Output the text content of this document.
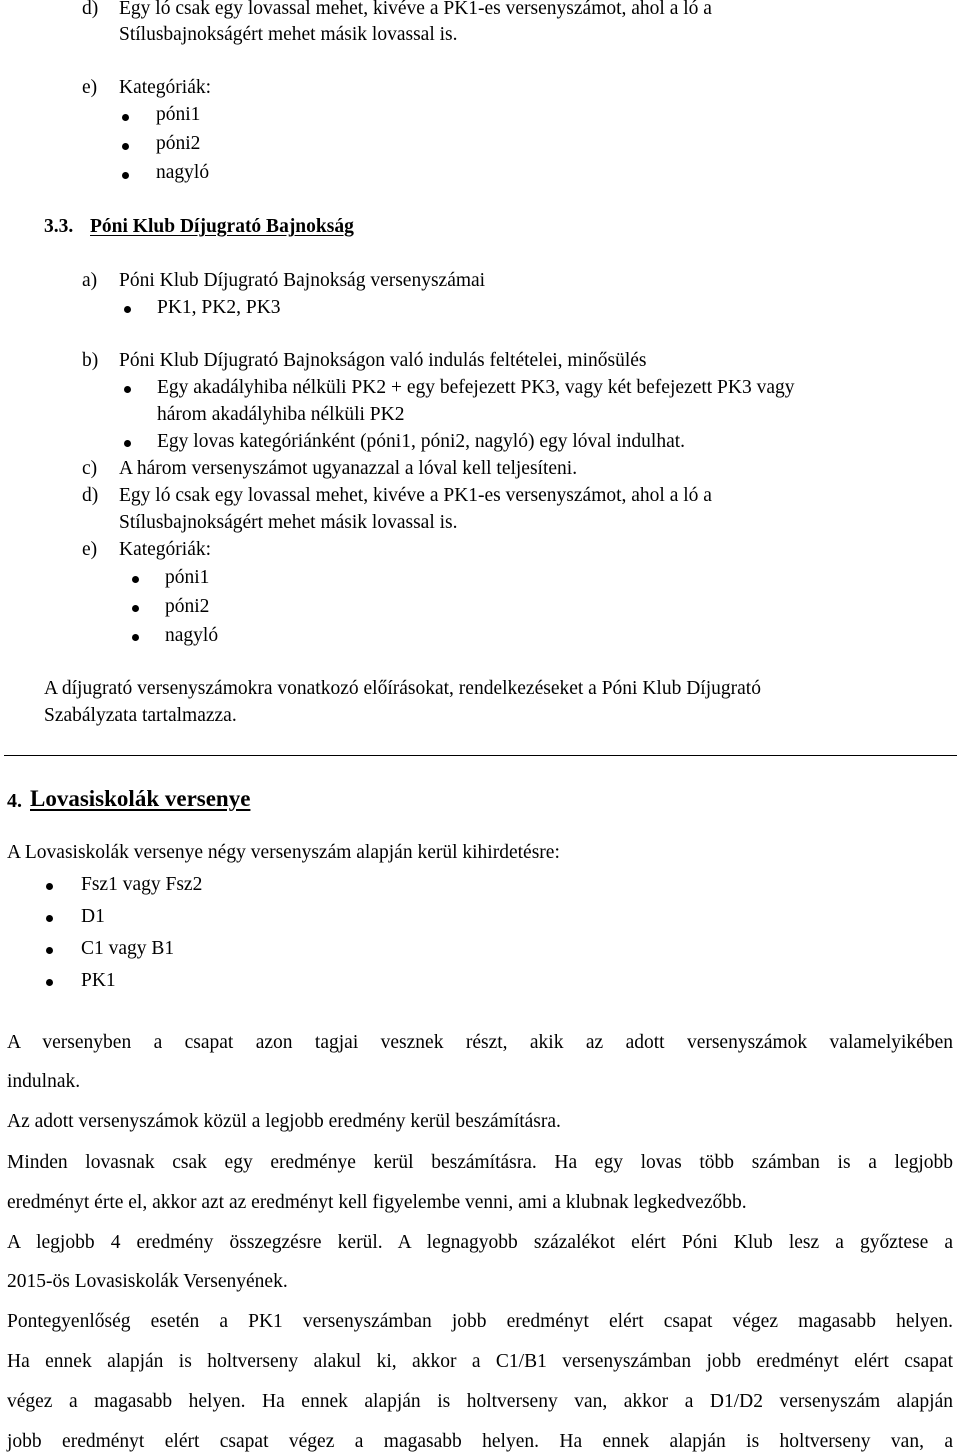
d) Egy ló csak egy lovassal mehet, kivéve a PK1-es versenyszámot, ahol a ló a
Stílusbajnokságért mehet másik lovassal is.
e) Kategóriák:
póni1
póni2
nagyló
3.3. Póni Klub Díjugrató Bajnokság
a) Póni Klub Díjugrató Bajnokság versenyszámai
PK1, PK2, PK3
b) Póni Klub Díjugrató Bajnokságon való indulás feltételei, minősülés
Egy akadályhiba nélküli PK2 + egy befejezett PK3, vagy két befejezett PK3 vagy
három akadályhiba nélküli PK2
Egy lovas kategóriánként (póni1, póni2, nagyló) egy lóval indulhat.
c) A három versenyszámot ugyanazzal a lóval kell teljesíteni.
d) Egy ló csak egy lovassal mehet, kivéve a PK1-es versenyszámot, ahol a ló a
Stílusbajnokságért mehet másik lovassal is.
e) Kategóriák:
póni1
póni2
nagyló
A díjugrató versenyszámokra vonatkozó előírásokat, rendelkezéseket a Póni Klub Díjugrató
Szabályzata tartalmazza.
4. Lovasiskolák versenye
A Lovasiskolák versenye négy versenyszám alapján kerül kihirdetésre:
Fsz1 vagy Fsz2
D1
C1 vagy B1
PK1
A versenyben a csapat azon tagjai vesznek részt, akik az adott versenyszámok valamelyikében
indulnak.
Az adott versenyszámok közül a legjobb eredmény kerül beszámításra.
Minden lovasnak csak egy eredménye kerül beszámításra. Ha egy lovas több számban is a legjobb
eredményt érte el, akkor azt az eredményt kell figyelembe venni, ami a klubnak legkedvezőbb.
A legjobb 4 eredmény összegzésre kerül. A legnagyobb százalékot elért Póni Klub lesz a győztese a
2015-ös Lovasiskolák Versenyének.
Pontegyenlőség esetén a PK1 versenyszámban jobb eredményt elért csapat végez magasabb helyen.
Ha ennek alapján is holtverseny alakul ki, akkor a C1/B1 versenyszámban jobb eredményt elért csapat
végez a magasabb helyen. Ha ennek alapján is holtverseny van, akkor a D1/D2 versenyszám alapján
jobb eredményt elért csapat végez a magasabb helyen. Ha ennek alapján is holtverseny van, a
